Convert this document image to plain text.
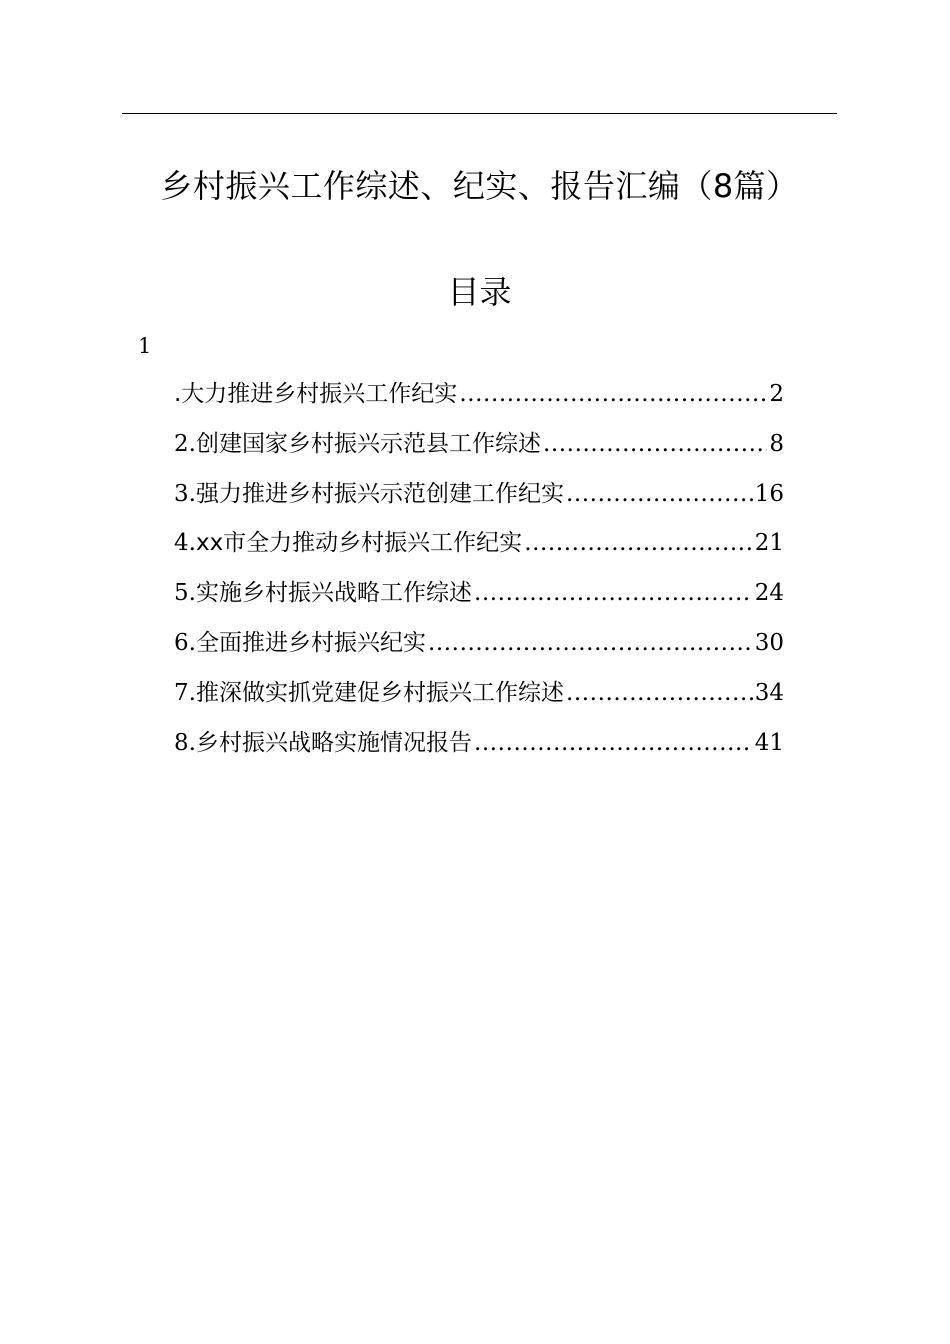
乡村振兴工作综述、纪实、报告汇编（8篇）
目录
1
.大力推进乡村振兴工作纪实 .....	2
2. 创建国家乡村振兴示范县工作综述 .....	8
3. 强力推进乡村振兴示范创建工作纪实 .....	16
4. xx市全力推动乡村振兴工作纪实 .....	21
5. 实施乡村振兴战略工作综述 .....	24
6. 全面推进乡村振兴纪实 .....	30
7. 推深做实抓党建促乡村振兴工作综述 .....	34
8. 乡村振兴战略实施情况报告 .....	41
